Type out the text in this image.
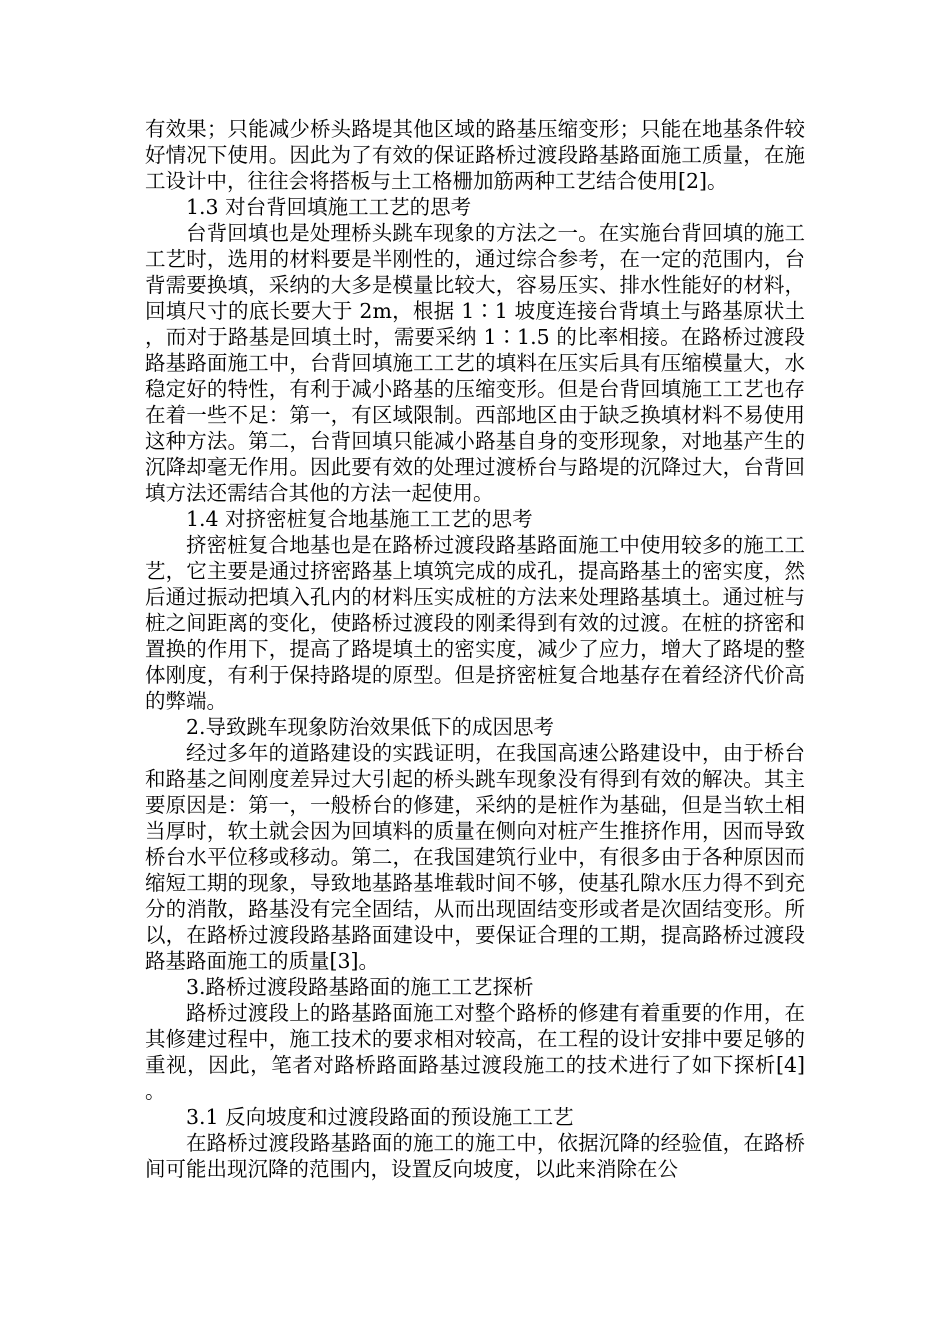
有效果；只能减少桥头路堤其他区域的路基压缩变形；只能在地基条件较好情况下使用。因此为了有效的保证路桥过渡段路基路面施工质量，在施工设计中，往往会将搭板与土工格栅加筋两种工艺结合使用[2]。

1.3 对台背回填施工工艺的思考

台背回填也是处理桥头跳车现象的方法之一。在实施台背回填的施工工艺时，选用的材料要是半刚性的，通过综合参考，在一定的范围内，台背需要换填，采纳的大多是模量比较大，容易压实、排水性能好的材料，回填尺寸的底长要大于 2m，根据 1∶1 坡度连接台背填土与路基原状土，而对于路基是回填土时，需要采纳 1∶1.5 的比率相接。在路桥过渡段路基路面施工中，台背回填施工工艺的填料在压实后具有压缩模量大，水稳定好的特性，有利于减小路基的压缩变形。但是台背回填施工工艺也存在着一些不足：第一，有区域限制。西部地区由于缺乏换填材料不易使用这种方法。第二，台背回填只能减小路基自身的变形现象，对地基产生的沉降却毫无作用。因此要有效的处理过渡桥台与路堤的沉降过大，台背回填方法还需结合其他的方法一起使用。

1.4 对挤密桩复合地基施工工艺的思考

挤密桩复合地基也是在路桥过渡段路基路面施工中使用较多的施工工艺，它主要是通过挤密路基上填筑完成的成孔，提高路基土的密实度，然后通过振动把填入孔内的材料压实成桩的方法来处理路基填土。通过桩与桩之间距离的变化，使路桥过渡段的刚柔得到有效的过渡。在桩的挤密和置换的作用下，提高了路堤填土的密实度，减少了应力，增大了路堤的整体刚度，有利于保持路堤的原型。但是挤密桩复合地基存在着经济代价高的弊端。

2.导致跳车现象防治效果低下的成因思考

经过多年的道路建设的实践证明，在我国高速公路建设中，由于桥台和路基之间刚度差异过大引起的桥头跳车现象没有得到有效的解决。其主要原因是：第一，一般桥台的修建，采纳的是桩作为基础，但是当软土相当厚时，软土就会因为回填料的质量在侧向对桩产生推挤作用，因而导致桥台水平位移或移动。第二，在我国建筑行业中，有很多由于各种原因而缩短工期的现象，导致地基路基堆载时间不够，使基孔隙水压力得不到充分的消散，路基没有完全固结，从而出现固结变形或者是次固结变形。所以，在路桥过渡段路基路面建设中，要保证合理的工期，提高路桥过渡段路基路面施工的质量[3]。

3.路桥过渡段路基路面的施工工艺探析

路桥过渡段上的路基路面施工对整个路桥的修建有着重要的作用，在其修建过程中，施工技术的要求相对较高，在工程的设计安排中要足够的重视，因此，笔者对路桥路面路基过渡段施工的技术进行了如下探析[4]。

3.1 反向坡度和过渡段路面的预设施工工艺

在路桥过渡段路基路面的施工的施工中，依据沉降的经验值，在路桥间可能出现沉降的范围内，设置反向坡度，以此来消除在公
